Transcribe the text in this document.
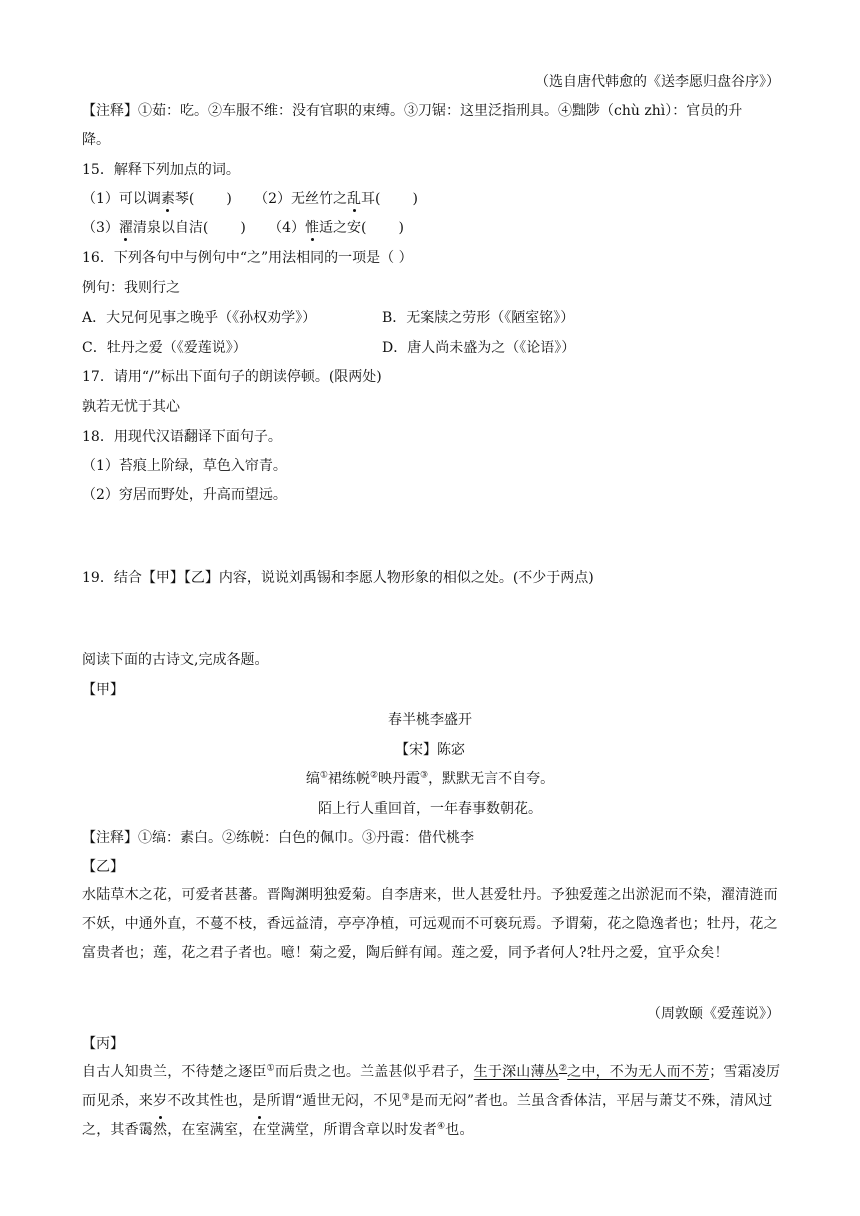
（选自唐代韩愈的《送李愿归盘谷序》）
【注释】①茹：吃。②车服不维：没有官职的束缚。③刀锯：这里泛指刑具。④黜陟（chù zhì）：官员的升
降。
15．解释下列加点的词。
（1）可以调素琴( ) （2）无丝竹之乱耳( )
（3）濯清泉以自洁( ) （4）惟适之安( )
16．下列各句中与例句中“之”用法相同的一项是（ ）
例句：我则行之
A．大兄何见事之晚乎（《孙权劝学》）	B．无案牍之劳形（《陋室铭》）
C．牡丹之爱（《爱莲说》）	D．唐人尚未盛为之（《论语》）
17．请用“/”标出下面句子的朗读停顿。(限两处)
孰若无忧于其心
18．用现代汉语翻译下面句子。
（1）苔痕上阶绿，草色入帘青。
（2）穷居而野处，升高而望远。
19．结合【甲】【乙】内容，说说刘禹锡和李愿人物形象的相似之处。(不少于两点)
阅读下面的古诗文,完成各题。
【甲】
春半桃李盛开
【宋】陈宓
缟①裙练帨②映丹霞③，默默无言不自夸。
陌上行人重回首，一年春事数朝花。
【注释】①缟：素白。②练帨：白色的佩巾。③丹霞：借代桃李
【乙】
水陆草木之花，可爱者甚蕃。晋陶渊明独爱菊。自李唐来，世人甚爱牡丹。予独爱莲之出淤泥而不染，濯清涟而不妖，中通外直，不蔓不枝，香远益清，亭亭净植，可远观而不可亵玩焉。予谓菊，花之隐逸者也；牡丹，花之富贵者也；莲，花之君子者也。噫！菊之爱，陶后鲜有闻。莲之爱，同予者何人?牡丹之爱，宜乎众矣！
（周敦颐《爱莲说》）
【丙】
自古人知贵兰，不待楚之逐臣①而后贵之也。兰盖甚似乎君子，生于深山薄丛②之中，不为无人而不芳；雪霜凌厉而见杀，来岁不改其性也，是所谓“遁世无闷，不见③是而无闷”者也。兰虽含香体洁，平居与萧艾不殊，清风过之，其香霭然，在室满室，在堂满堂，所谓含章以时发者④也。
